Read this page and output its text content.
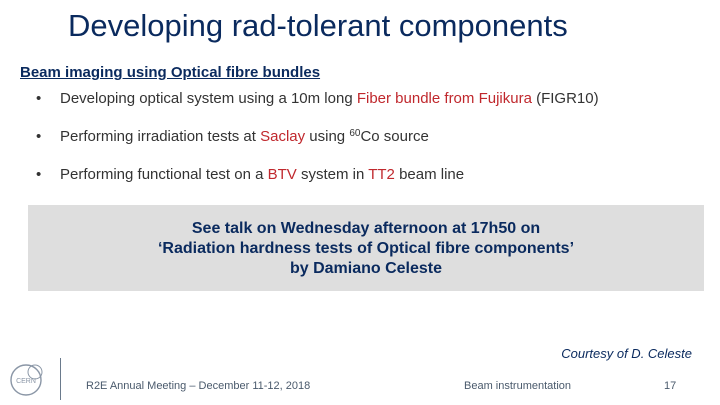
Developing rad-tolerant components
Beam imaging using Optical fibre bundles
• Developing optical system using a 10m long Fiber bundle from Fujikura (FIGR10)
• Performing irradiation tests at Saclay using $^{60}$Co source
• Performing functional test on a BTV system in TT2 beam line
See talk on Wednesday afternoon at 17h50 on
‘Radiation hardness tests of Optical fibre components’
by Damiano Celeste
Courtesy of D. Celeste
CERN	R2E Annual Meeting – December 11-12, 2018	Beam instrumentation	17
